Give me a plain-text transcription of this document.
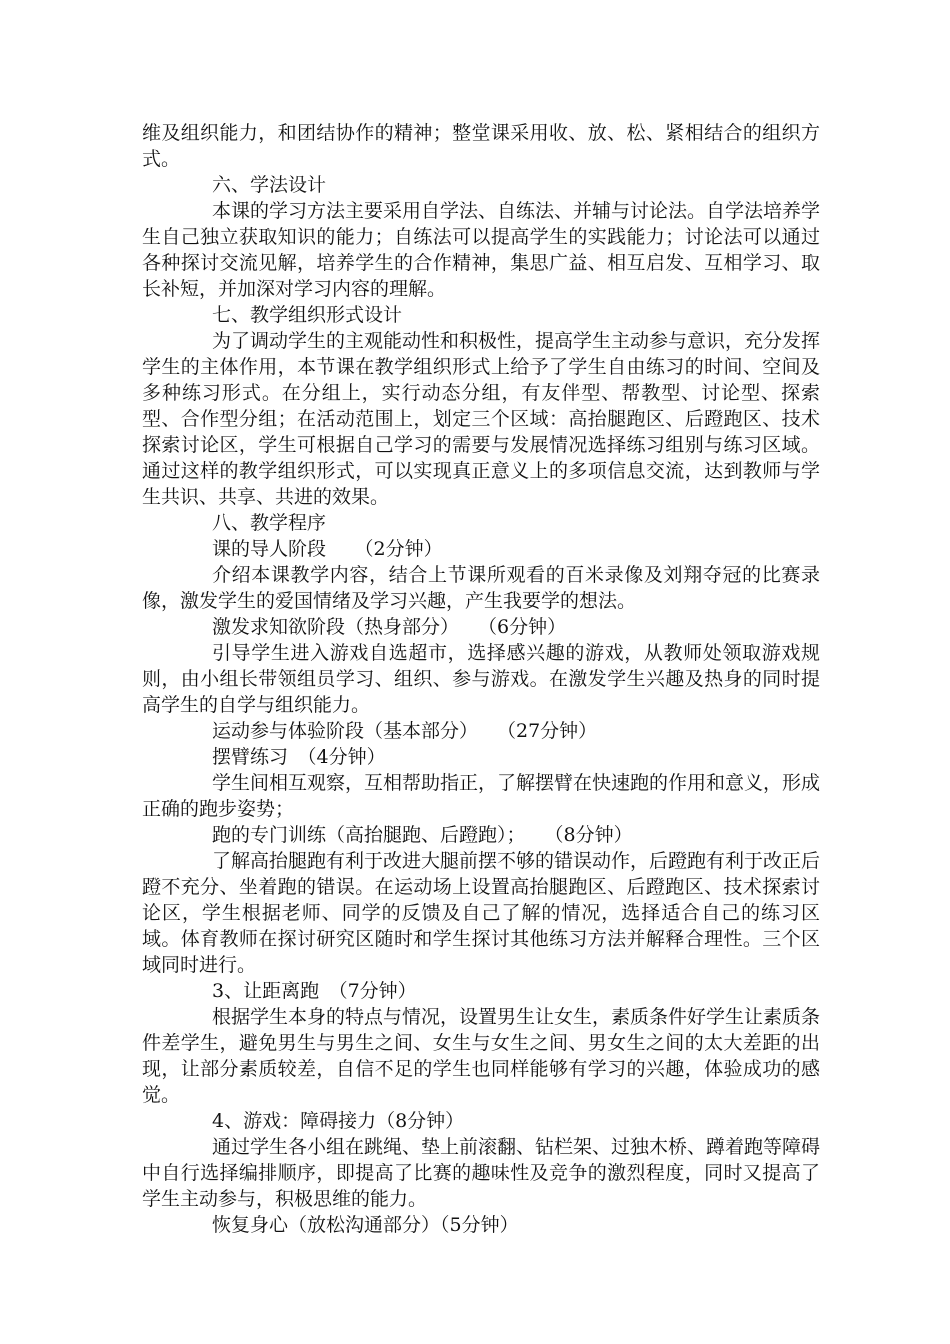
维及组织能力，和团结协作的精神；整堂课采用收、放、松、紧相结合的组织方式。

六、学法设计

本课的学习方法主要采用自学法、自练法、并辅与讨论法。自学法培养学生自己独立获取知识的能力；自练法可以提高学生的实践能力；讨论法可以通过各种探讨交流见解，培养学生的合作精神，集思广益、相互启发、互相学习、取长补短，并加深对学习内容的理解。

七、教学组织形式设计

为了调动学生的主观能动性和积极性，提高学生主动参与意识，充分发挥学生的主体作用，本节课在教学组织形式上给予了学生自由练习的时间、空间及多种练习形式。在分组上，实行动态分组，有友伴型、帮教型、讨论型、探索型、合作型分组；在活动范围上，划定三个区域：高抬腿跑区、后蹬跑区、技术探索讨论区，学生可根据自己学习的需要与发展情况选择练习组别与练习区域。通过这样的教学组织形式，可以实现真正意义上的多项信息交流，达到教师与学生共识、共享、共进的效果。

八、教学程序

课的导人阶段　　（2分钟）

介绍本课教学内容，结合上节课所观看的百米录像及刘翔夺冠的比赛录像，激发学生的爱国情绪及学习兴趣，产生我要学的想法。

激发求知欲阶段（热身部分）　　（6分钟）

引导学生进入游戏自选超市，选择感兴趣的游戏，从教师处领取游戏规则，由小组长带领组员学习、组织、参与游戏。在激发学生兴趣及热身的同时提高学生的自学与组织能力。

运动参与体验阶段（基本部分）　　（27分钟）

摆臂练习　（4分钟）

学生间相互观察，互相帮助指正，了解摆臂在快速跑的作用和意义，形成正确的跑步姿势；

跑的专门训练（高抬腿跑、后蹬跑）；　　（8分钟）

了解高抬腿跑有利于改进大腿前摆不够的错误动作，后蹬跑有利于改正后蹬不充分、坐着跑的错误。在运动场上设置高抬腿跑区、后蹬跑区、技术探索讨论区，学生根据老师、同学的反馈及自己了解的情况，选择适合自己的练习区域。体育教师在探讨研究区随时和学生探讨其他练习方法并解释合理性。三个区域同时进行。

3、让距离跑　（7分钟）

根据学生本身的特点与情况，设置男生让女生，素质条件好学生让素质条件差学生，避免男生与男生之间、女生与女生之间、男女生之间的太大差距的出现，让部分素质较差，自信不足的学生也同样能够有学习的兴趣，体验成功的感觉。

4、游戏：障碍接力（8分钟）

通过学生各小组在跳绳、垫上前滚翻、钻栏架、过独木桥、蹲着跑等障碍中自行选择编排顺序，即提高了比赛的趣味性及竞争的激烈程度，同时又提高了学生主动参与，积极思维的能力。

恢复身心（放松沟通部分）（5分钟）
